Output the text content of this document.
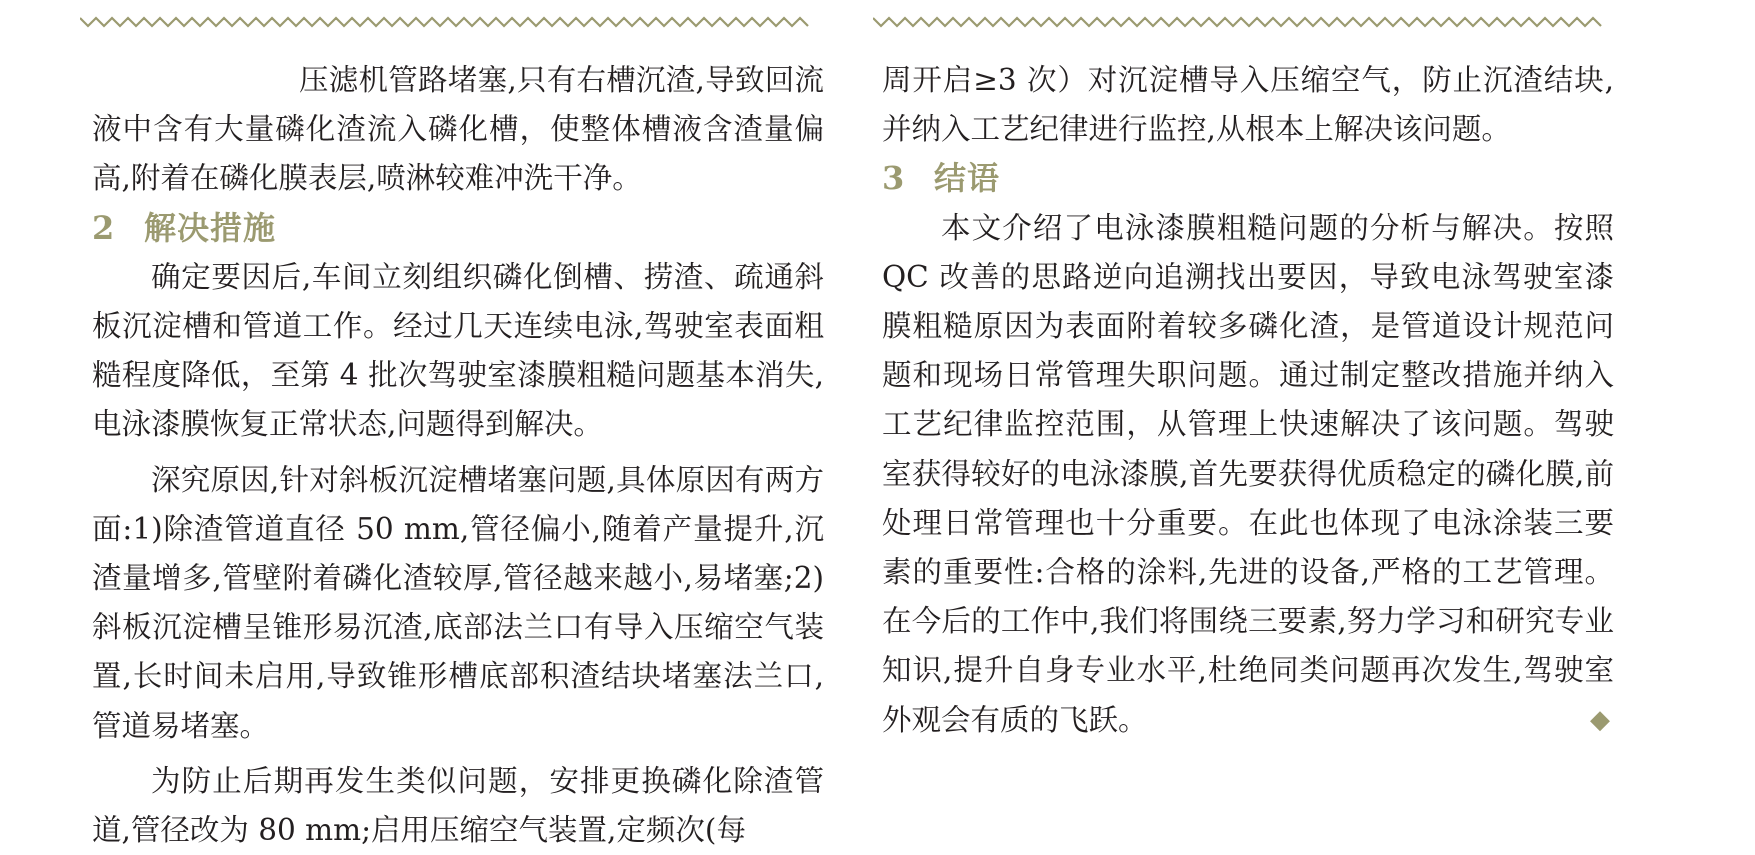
压滤机管路堵塞,只有右槽沉渣,导致回流液中含有大量磷化渣流入磷化槽，使整体槽液含渣量偏高,附着在磷化膜表层,喷淋较难冲洗干净。

2 解决措施

确定要因后,车间立刻组织磷化倒槽、捞渣、疏通斜板沉淀槽和管道工作。经过几天连续电泳,驾驶室表面粗糙程度降低，至第 4 批次驾驶室漆膜粗糙问题基本消失,电泳漆膜恢复正常状态,问题得到解决。

深究原因,针对斜板沉淀槽堵塞问题,具体原因有两方面:1)除渣管道直径 50 mm,管径偏小,随着产量提升,沉渣量增多,管壁附着磷化渣较厚,管径越来越小,易堵塞;2)斜板沉淀槽呈锥形易沉渣,底部法兰口有导入压缩空气装置,长时间未启用,导致锥形槽底部积渣结块堵塞法兰口,管道易堵塞。

为防止后期再发生类似问题，安排更换磷化除渣管道,管径改为 80 mm;启用压缩空气装置,定频次(每

周开启≥3 次）对沉淀槽导入压缩空气，防止沉渣结块,并纳入工艺纪律进行监控,从根本上解决该问题。

3 结语

本文介绍了电泳漆膜粗糙问题的分析与解决。按照 QC 改善的思路逆向追溯找出要因，导致电泳驾驶室漆膜粗糙原因为表面附着较多磷化渣，是管道设计规范问题和现场日常管理失职问题。通过制定整改措施并纳入工艺纪律监控范围，从管理上快速解决了该问题。驾驶室获得较好的电泳漆膜,首先要获得优质稳定的磷化膜,前处理日常管理也十分重要。在此也体现了电泳涂装三要素的重要性:合格的涂料,先进的设备,严格的工艺管理。在今后的工作中,我们将围绕三要素,努力学习和研究专业知识,提升自身专业水平,杜绝同类问题再次发生,驾驶室外观会有质的飞跃。	◆
